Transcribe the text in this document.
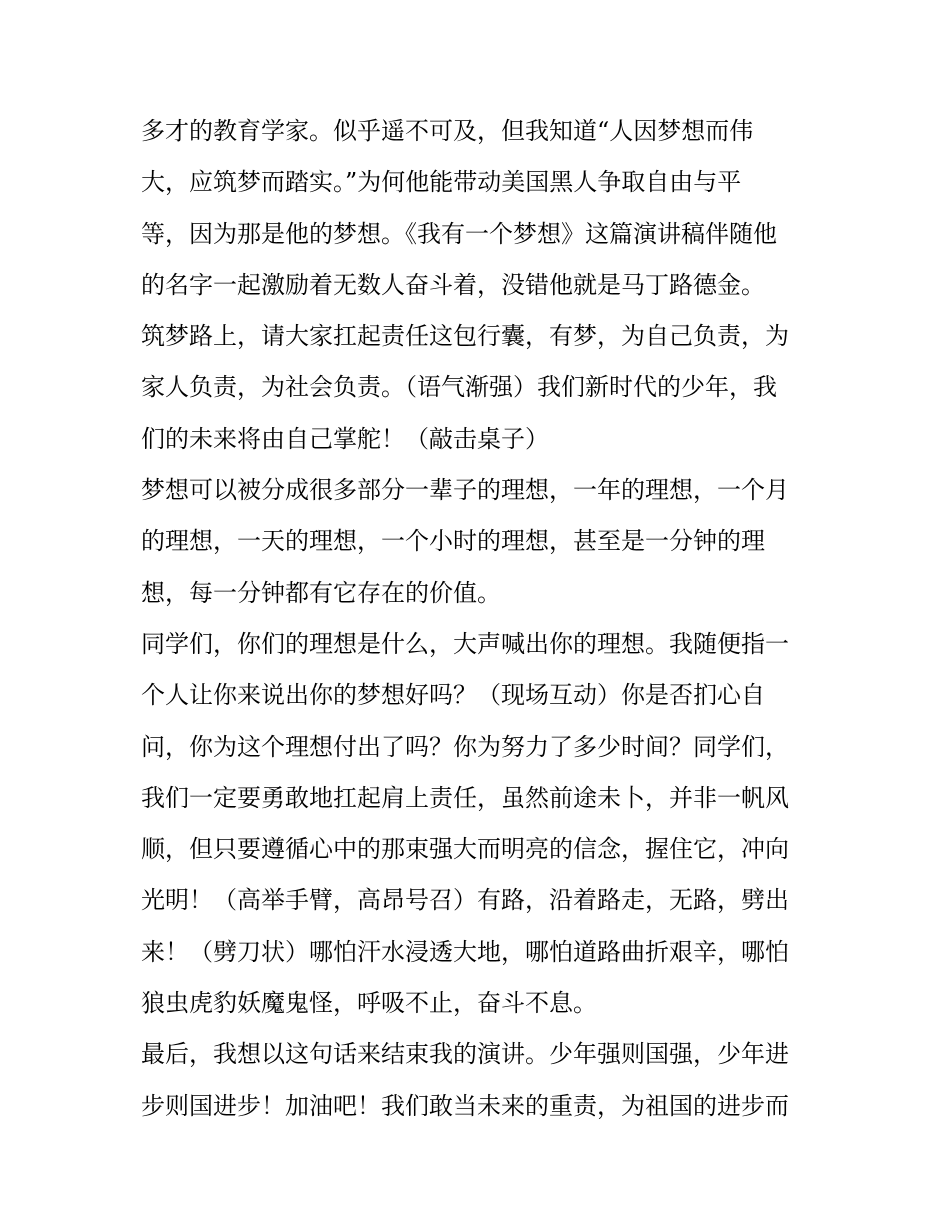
多才的教育学家。似乎遥不可及，但我知道“人因梦想而伟
大，应筑梦而踏实。”为何他能带动美国黑人争取自由与平
等，因为那是他的梦想。《我有一个梦想》这篇演讲稿伴随他
的名字一起激励着无数人奋斗着，没错他就是马丁路德金。
筑梦路上，请大家扛起责任这包行囊，有梦，为自己负责，为
家人负责，为社会负责。（语气渐强）我们新时代的少年，我
们的未来将由自己掌舵！（敲击桌子）
梦想可以被分成很多部分一辈子的理想，一年的理想，一个月
的理想，一天的理想，一个小时的理想，甚至是一分钟的理
想，每一分钟都有它存在的价值。
同学们，你们的理想是什么，大声喊出你的理想。我随便指一
个人让你来说出你的梦想好吗？（现场互动）你是否扪心自
问，你为这个理想付出了吗？你为努力了多少时间？同学们，
我们一定要勇敢地扛起肩上责任，虽然前途未卜，并非一帆风
顺，但只要遵循心中的那束强大而明亮的信念，握住它，冲向
光明！（高举手臂，高昂号召）有路，沿着路走，无路，劈出
来！（劈刀状）哪怕汗水浸透大地，哪怕道路曲折艰辛，哪怕
狼虫虎豹妖魔鬼怪，呼吸不止，奋斗不息。
最后，我想以这句话来结束我的演讲。少年强则国强，少年进
步则国进步！加油吧！我们敢当未来的重责，为祖国的进步而
